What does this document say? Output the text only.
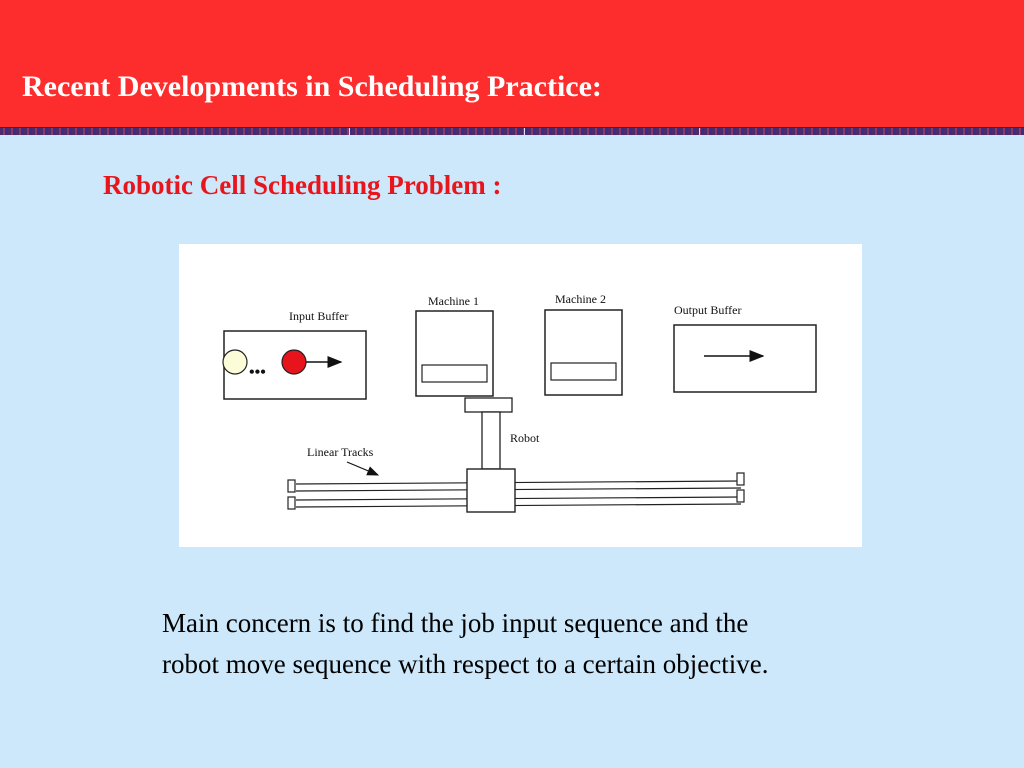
Recent Developments in Scheduling Practice:
Robotic Cell Scheduling Problem :
Input Buffer
•••
Machine 1	Machine 2
Output Buffer
Robot
Linear Tracks
Main concern is to find the job input sequence and the
robot move sequence with respect to a certain objective.
